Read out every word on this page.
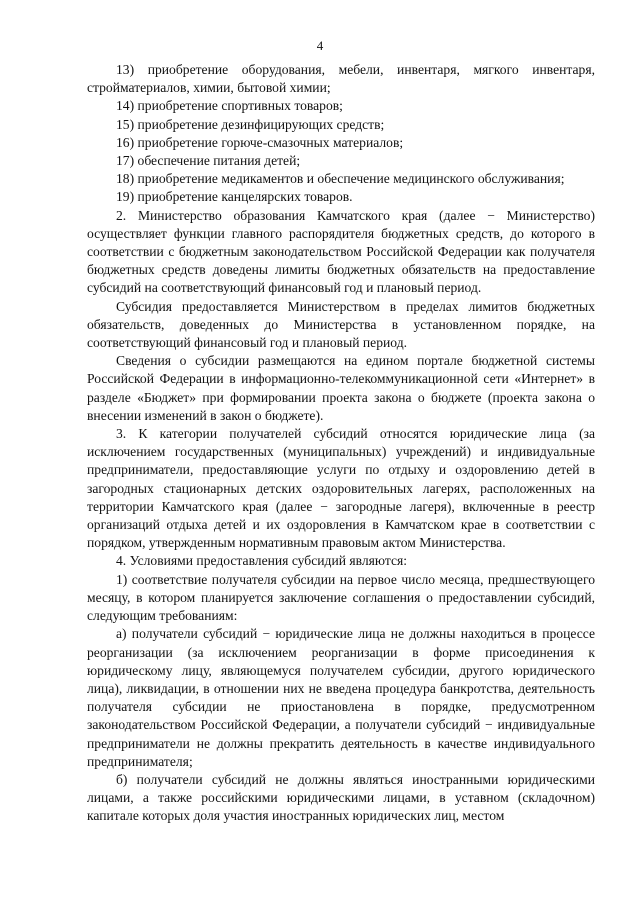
4

13) приобретение оборудования, мебели, инвентаря, мягкого инвентаря, стройматериалов, химии, бытовой химии;

14) приобретение спортивных товаров;

15) приобретение дезинфицирующих средств;

16) приобретение горюче-смазочных материалов;

17) обеспечение питания детей;

18) приобретение медикаментов и обеспечение медицинского обслуживания;

19) приобретение канцелярских товаров.

2. Министерство образования Камчатского края (далее − Министерство) осуществляет функции главного распорядителя бюджетных средств, до которого в соответствии с бюджетным законодательством Российской Федерации как получателя бюджетных средств доведены лимиты бюджетных обязательств на предоставление субсидий на соответствующий финансовый год и плановый период.

Субсидия предоставляется Министерством в пределах лимитов бюджетных обязательств, доведенных до Министерства в установленном порядке, на соответствующий финансовый год и плановый период.

Сведения о субсидии размещаются на едином портале бюджетной системы Российской Федерации в информационно-телекоммуникационной сети «Интернет» в разделе «Бюджет» при формировании проекта закона о бюджете (проекта закона о внесении изменений в закон о бюджете).

3. К категории получателей субсидий относятся юридические лица (за исключением государственных (муниципальных) учреждений) и индивидуальные предприниматели, предоставляющие услуги по отдыху и оздоровлению детей в загородных стационарных детских оздоровительных лагерях, расположенных на территории Камчатского края (далее − загородные лагеря), включенные в реестр организаций отдыха детей и их оздоровления в Камчатском крае в соответствии с порядком, утвержденным нормативным правовым актом Министерства.

4. Условиями предоставления субсидий являются:

1) соответствие получателя субсидии на первое число месяца, предшествующего месяцу, в котором планируется заключение соглашения о предоставлении субсидий, следующим требованиям:

а) получатели субсидий − юридические лица не должны находиться в процессе реорганизации (за исключением реорганизации в форме присоединения к юридическому лицу, являющемуся получателем субсидии, другого юридического лица), ликвидации, в отношении них не введена процедура банкротства, деятельность получателя субсидии не приостановлена в порядке, предусмотренном законодательством Российской Федерации, а получатели субсидий − индивидуальные предприниматели не должны прекратить деятельность в качестве индивидуального предпринимателя;

б) получатели субсидий не должны являться иностранными юридическими лицами, а также российскими юридическими лицами, в уставном (складочном) капитале которых доля участия иностранных юридических лиц, местом
